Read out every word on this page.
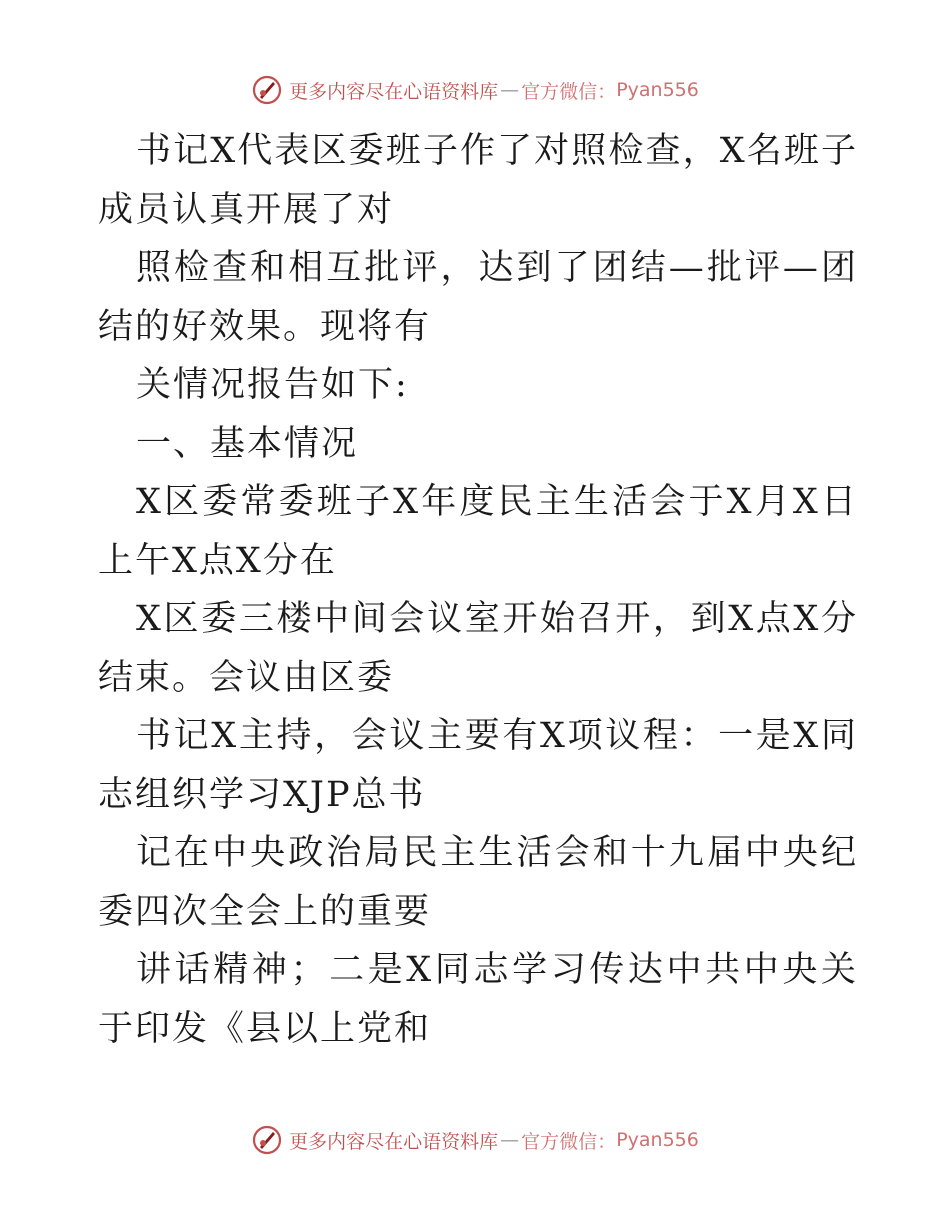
更多内容尽在心语资料库 — 官方微信： Pyan556

书记X代表区委班子作了对照检查，X名班子成员认真开展了对

照检查和相互批评，达到了团结—批评—团结的好效果。现将有

关情况报告如下:

一、基本情况

X区委常委班子X年度民主生活会于X月X日上午X点X分在

X区委三楼中间会议室开始召开，到X点X分结束。会议由区委

书记X主持，会议主要有X项议程：一是X同志组织学习XJP总书

记在中央政治局民主生活会和十九届中央纪委四次全会上的重要

讲话精神；二是X同志学习传达中共中央关于印发《县以上党和

更多内容尽在心语资料库 — 官方微信： Pyan556
